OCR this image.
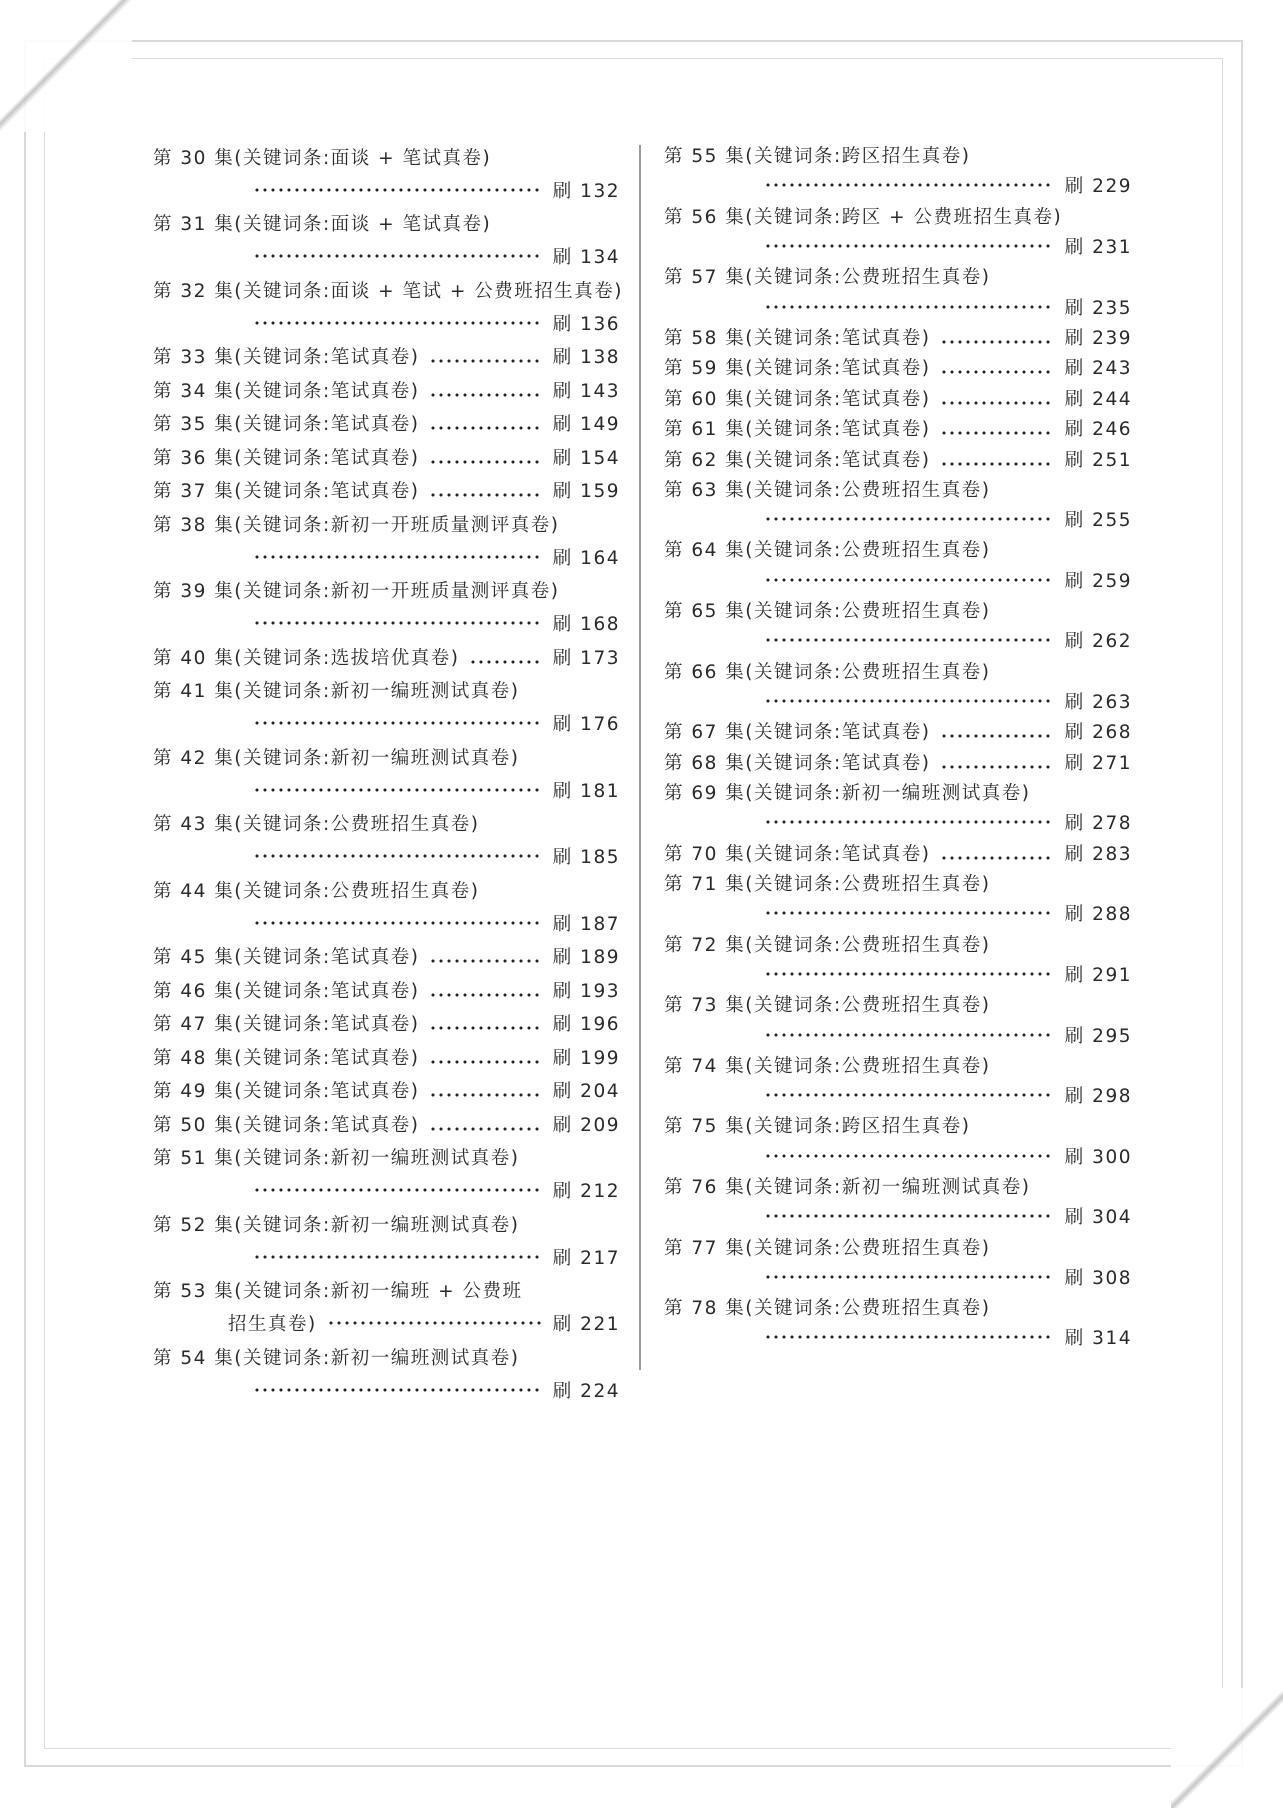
第 30 集(关键词条:面谈 + 笔试真卷)
刷 132
第 31 集(关键词条:面谈 + 笔试真卷)
刷 134
第 32 集(关键词条:面谈 + 笔试 + 公费班招生真卷)
刷 136
第 33 集(关键词条:笔试真卷)	刷 138
第 34 集(关键词条:笔试真卷)	刷 143
第 35 集(关键词条:笔试真卷)	刷 149
第 36 集(关键词条:笔试真卷)	刷 154
第 37 集(关键词条:笔试真卷)	刷 159
第 38 集(关键词条:新初一开班质量测评真卷)
刷 164
第 39 集(关键词条:新初一开班质量测评真卷)
刷 168
第 40 集(关键词条:选拔培优真卷)	刷 173
第 41 集(关键词条:新初一编班测试真卷)
刷 176
第 42 集(关键词条:新初一编班测试真卷)
刷 181
第 43 集(关键词条:公费班招生真卷)
刷 185
第 44 集(关键词条:公费班招生真卷)
刷 187
第 45 集(关键词条:笔试真卷)	刷 189
第 46 集(关键词条:笔试真卷)	刷 193
第 47 集(关键词条:笔试真卷)	刷 196
第 48 集(关键词条:笔试真卷)	刷 199
第 49 集(关键词条:笔试真卷)	刷 204
第 50 集(关键词条:笔试真卷)	刷 209
第 51 集(关键词条:新初一编班测试真卷)
刷 212
第 52 集(关键词条:新初一编班测试真卷)
刷 217
第 53 集(关键词条:新初一编班 + 公费班
招生真卷)	刷 221
第 54 集(关键词条:新初一编班测试真卷)
刷 224
第 55 集(关键词条:跨区招生真卷)
刷 229
第 56 集(关键词条:跨区 + 公费班招生真卷)
刷 231
第 57 集(关键词条:公费班招生真卷)
刷 235
第 58 集(关键词条:笔试真卷)	刷 239
第 59 集(关键词条:笔试真卷)	刷 243
第 60 集(关键词条:笔试真卷)	刷 244
第 61 集(关键词条:笔试真卷)	刷 246
第 62 集(关键词条:笔试真卷)	刷 251
第 63 集(关键词条:公费班招生真卷)
刷 255
第 64 集(关键词条:公费班招生真卷)
刷 259
第 65 集(关键词条:公费班招生真卷)
刷 262
第 66 集(关键词条:公费班招生真卷)
刷 263
第 67 集(关键词条:笔试真卷)	刷 268
第 68 集(关键词条:笔试真卷)	刷 271
第 69 集(关键词条:新初一编班测试真卷)
刷 278
第 70 集(关键词条:笔试真卷)	刷 283
第 71 集(关键词条:公费班招生真卷)
刷 288
第 72 集(关键词条:公费班招生真卷)
刷 291
第 73 集(关键词条:公费班招生真卷)
刷 295
第 74 集(关键词条:公费班招生真卷)
刷 298
第 75 集(关键词条:跨区招生真卷)
刷 300
第 76 集(关键词条:新初一编班测试真卷)
刷 304
第 77 集(关键词条:公费班招生真卷)
刷 308
第 78 集(关键词条:公费班招生真卷)
刷 314
